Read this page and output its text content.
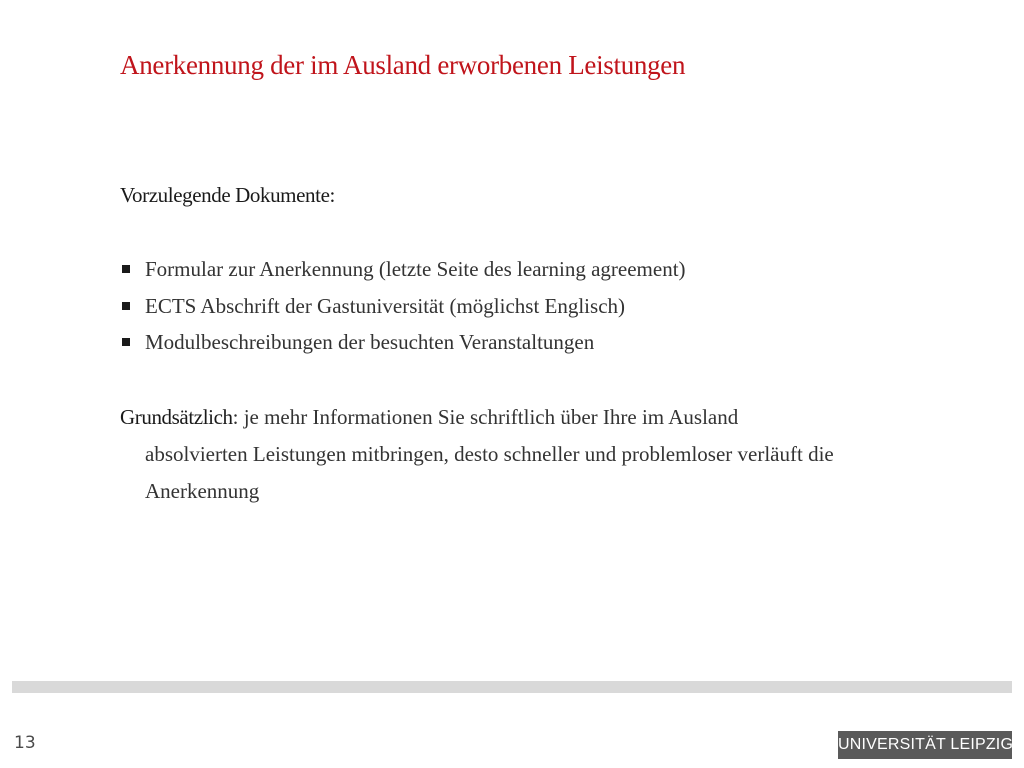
Anerkennung der im Ausland erworbenen Leistungen

Vorzulegende Dokumente:

Formular zur Anerkennung (letzte Seite des learning agreement)
ECTS Abschrift der Gastuniversität (möglichst Englisch)
Modulbeschreibungen der besuchten Veranstaltungen

Grundsätzlich: je mehr Informationen Sie schriftlich über Ihre im Ausland
absolvierten Leistungen mitbringen, desto schneller und problemloser verläuft die
Anerkennung

13	UNIVERSITÄT LEIPZIG
